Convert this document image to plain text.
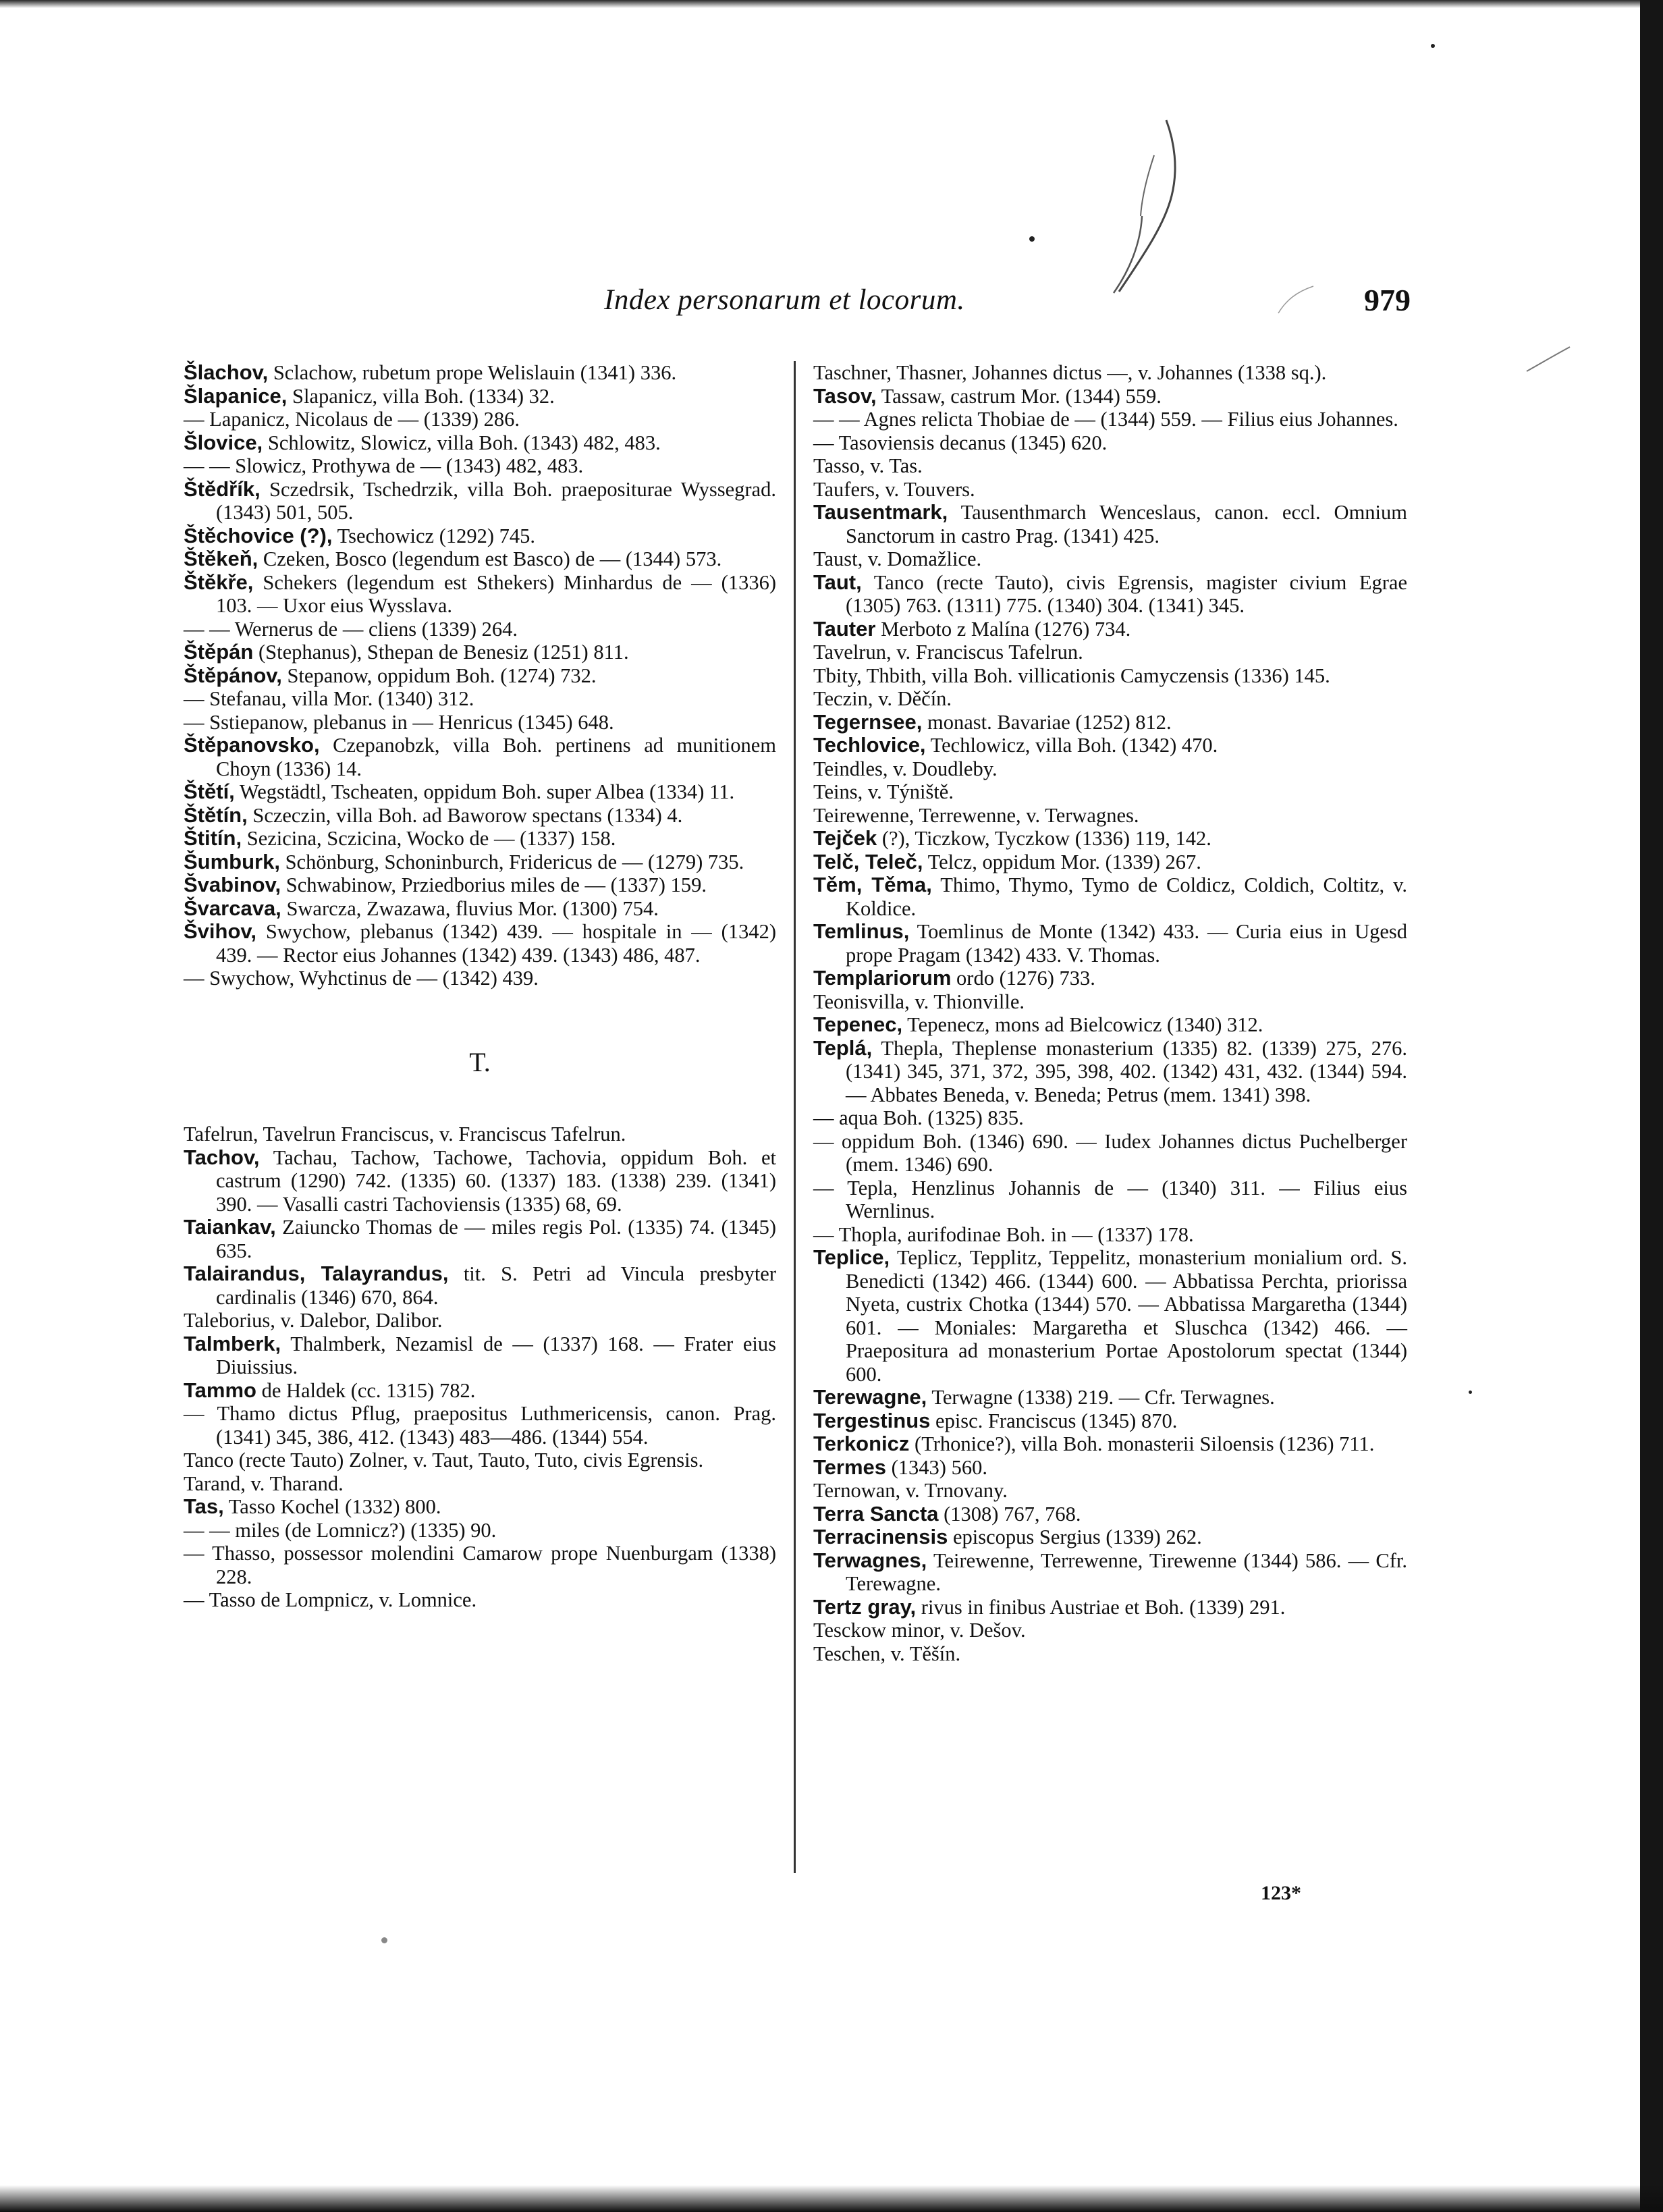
Index personarum et locorum.	979

Šlachov, Sclachow, rubetum prope Welislauin (1341) 336.

Šlapanice, Slapanicz, villa Boh. (1334) 32.

— Lapanicz, Nicolaus de — (1339) 286.

Šlovice, Schlowitz, Slowicz, villa Boh. (1343) 482, 483.

— — Slowicz, Prothywa de — (1343) 482, 483.

Štědřík, Sczedrsik, Tschedrzik, villa Boh. praepositurae Wyssegrad. (1343) 501, 505.

Štěchovice (?), Tsechowicz (1292) 745.

Štěkeň, Czeken, Bosco (legendum est Basco) de — (1344) 573.

Štěkře, Schekers (legendum est Sthekers) Minhardus de — (1336) 103. — Uxor eius Wysslava.

— — Wernerus de — cliens (1339) 264.

Štěpán (Stephanus), Sthepan de Benesiz (1251) 811.

Štěpánov, Stepanow, oppidum Boh. (1274) 732.

— Stefanau, villa Mor. (1340) 312.

— Sstiepanow, plebanus in — Henricus (1345) 648.

Štěpanovsko, Czepanobzk, villa Boh. pertinens ad munitionem Choyn (1336) 14.

Štětí, Wegstädtl, Tscheaten, oppidum Boh. super Albea (1334) 11.

Štětín, Sczeczin, villa Boh. ad Baworow spectans (1334) 4.

Štitín, Sezicina, Sczicina, Wocko de — (1337) 158.

Šumburk, Schönburg, Schoninburch, Fridericus de — (1279) 735.

Švabinov, Schwabinow, Prziedborius miles de — (1337) 159.

Švarcava, Swarcza, Zwazawa, fluvius Mor. (1300) 754.

Švihov, Swychow, plebanus (1342) 439. — hospitale in — (1342) 439. — Rector eius Johannes (1342) 439. (1343) 486, 487.

— Swychow, Wyhctinus de — (1342) 439.

T.

Tafelrun, Tavelrun Franciscus, v. Franciscus Tafelrun.

Tachov, Tachau, Tachow, Tachowe, Tachovia, oppidum Boh. et castrum (1290) 742. (1335) 60. (1337) 183. (1338) 239. (1341) 390. — Vasalli castri Tachoviensis (1335) 68, 69.

Taiankav, Zaiuncko Thomas de — miles regis Pol. (1335) 74. (1345) 635.

Talairandus, Talayrandus, tit. S. Petri ad Vincula presbyter cardinalis (1346) 670, 864.

Taleborius, v. Dalebor, Dalibor.

Talmberk, Thalmberk, Nezamisl de — (1337) 168. — Frater eius Diuissius.

Tammo de Haldek (cc. 1315) 782.

— Thamo dictus Pflug, praepositus Luthmericensis, canon. Prag. (1341) 345, 386, 412. (1343) 483—486. (1344) 554.

Tanco (recte Tauto) Zolner, v. Taut, Tauto, Tuto, civis Egrensis.

Tarand, v. Tharand.

Tas, Tasso Kochel (1332) 800.

— — miles (de Lomnicz?) (1335) 90.

— Thasso, possessor molendini Camarow prope Nuenburgam (1338) 228.

— Tasso de Lompnicz, v. Lomnice.

Taschner, Thasner, Johannes dictus —, v. Johannes (1338 sq.).

Tasov, Tassaw, castrum Mor. (1344) 559.

— — Agnes relicta Thobiae de — (1344) 559. — Filius eius Johannes.

— Tasoviensis decanus (1345) 620.

Tasso, v. Tas.

Taufers, v. Touvers.

Tausentmark, Tausenthmarch Wenceslaus, canon. eccl. Omnium Sanctorum in castro Prag. (1341) 425.

Taust, v. Domažlice.

Taut, Tanco (recte Tauto), civis Egrensis, magister civium Egrae (1305) 763. (1311) 775. (1340) 304. (1341) 345.

Tauter Merboto z Malína (1276) 734.

Tavelrun, v. Franciscus Tafelrun.

Tbity, Thbith, villa Boh. villicationis Camyczensis (1336) 145.

Teczin, v. Děčín.

Tegernsee, monast. Bavariae (1252) 812.

Techlovice, Techlowicz, villa Boh. (1342) 470.

Teindles, v. Doudleby.

Teins, v. Týniště.

Teirewenne, Terrewenne, v. Terwagnes.

Tejček (?), Ticzkow, Tyczkow (1336) 119, 142.

Telč, Teleč, Telcz, oppidum Mor. (1339) 267.

Těm, Těma, Thimo, Thymo, Tymo de Coldicz, Coldich, Coltitz, v. Koldice.

Temlinus, Toemlinus de Monte (1342) 433. — Curia eius in Ugesd prope Pragam (1342) 433. V. Thomas.

Templariorum ordo (1276) 733.

Teonisvilla, v. Thionville.

Tepenec, Tepenecz, mons ad Bielcowicz (1340) 312.

Teplá, Thepla, Theplense monasterium (1335) 82. (1339) 275, 276. (1341) 345, 371, 372, 395, 398, 402. (1342) 431, 432. (1344) 594. — Abbates Beneda, v. Beneda; Petrus (mem. 1341) 398.

— aqua Boh. (1325) 835.

— oppidum Boh. (1346) 690. — Iudex Johannes dictus Puchelberger (mem. 1346) 690.

— Tepla, Henzlinus Johannis de — (1340) 311. — Filius eius Wernlinus.

— Thopla, aurifodinae Boh. in — (1337) 178.

Teplice, Teplicz, Tepplitz, Teppelitz, monasterium monialium ord. S. Benedicti (1342) 466. (1344) 600. — Abbatissa Perchta, priorissa Nyeta, custrix Chotka (1344) 570. — Abbatissa Margaretha (1344) 601. — Moniales: Margaretha et Sluschca (1342) 466. — Praepositura ad monasterium Portae Apostolorum spectat (1344) 600.

Terewagne, Terwagne (1338) 219. — Cfr. Terwagnes.

Tergestinus episc. Franciscus (1345) 870.

Terkonicz (Trhonice?), villa Boh. monasterii Siloensis (1236) 711.

Termes (1343) 560.

Ternowan, v. Trnovany.

Terra Sancta (1308) 767, 768.

Terracinensis episcopus Sergius (1339) 262.

Terwagnes, Teirewenne, Terrewenne, Tirewenne (1344) 586. — Cfr. Terewagne.

Tertz gray, rivus in finibus Austriae et Boh. (1339) 291.

Tesckow minor, v. Dešov.

Teschen, v. Těšín.

123*
